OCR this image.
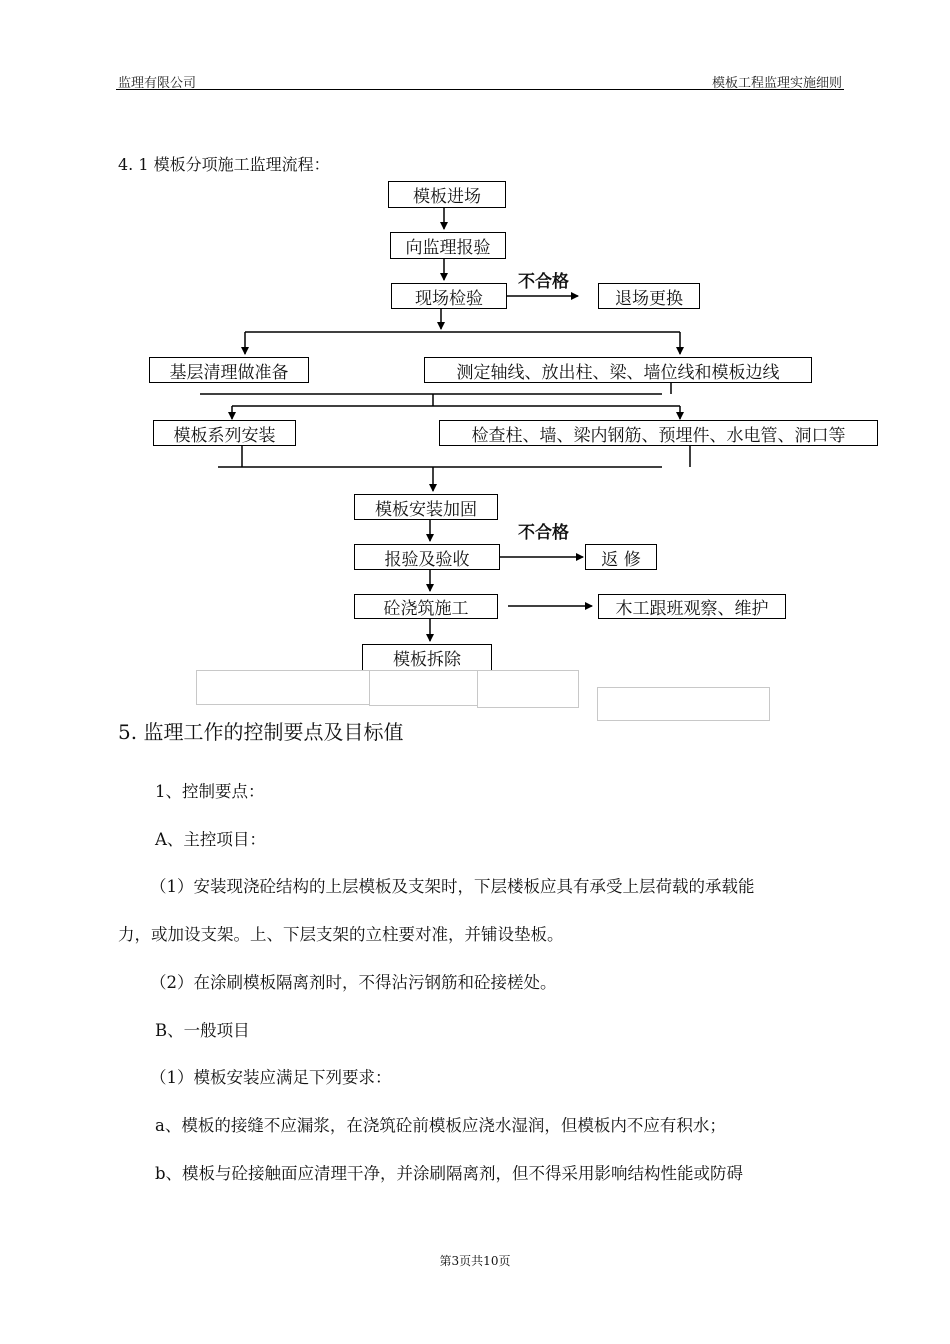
监理有限公司	模板工程监理实施细则
4. 1 模板分项施工监理流程：
模板进场
向监理报验
现场检验
不合格
退场更换
基层清理做准备	测定轴线、放出柱、梁、墙位线和模板边线
模板系列安装	检查柱、墙、梁内钢筋、预埋件、水电管、洞口等
模板安装加固
不合格
报验及验收	返 修
砼浇筑施工	木工跟班观察、维护
模板拆除
5. 监理工作的控制要点及目标值
1、控制要点：
A、主控项目：
（1）安装现浇砼结构的上层模板及支架时，下层楼板应具有承受上层荷载的承载能
力，或加设支架。上、下层支架的立柱要对准，并铺设垫板。
（2）在涂刷模板隔离剂时，不得沾污钢筋和砼接槎处。
B、一般项目
（1）模板安装应满足下列要求：
a、模板的接缝不应漏浆，在浇筑砼前模板应浇水湿润，但模板内不应有积水；
b、模板与砼接触面应清理干净，并涂刷隔离剂，但不得采用影响结构性能或防碍
第3页共10页
